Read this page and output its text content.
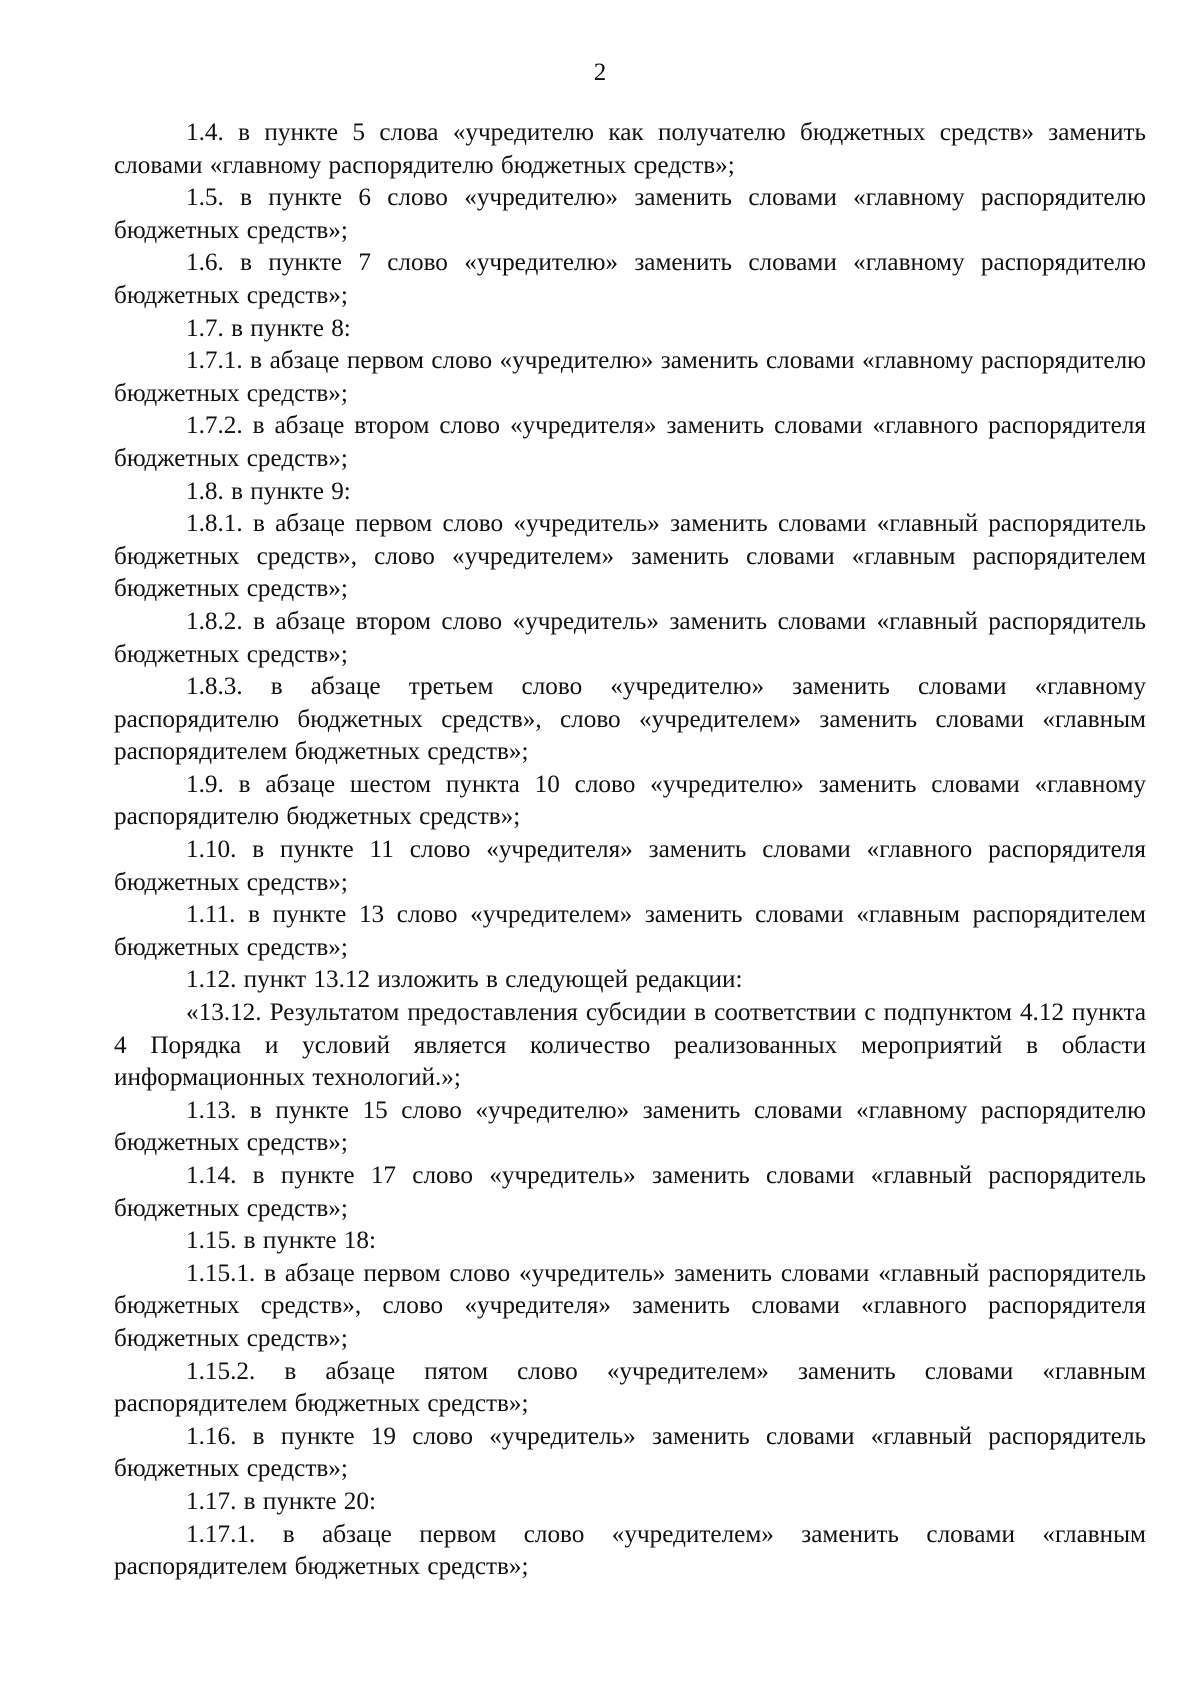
2

1.4. в пункте 5 слова «учредителю как получателю бюджетных средств» заменить словами «главному распорядителю бюджетных средств»;

1.5. в пункте 6 слово «учредителю» заменить словами «главному распорядителю бюджетных средств»;

1.6. в пункте 7 слово «учредителю» заменить словами «главному распорядителю бюджетных средств»;

1.7. в пункте 8:

1.7.1. в абзаце первом слово «учредителю» заменить словами «главному распорядителю бюджетных средств»;

1.7.2. в абзаце втором слово «учредителя» заменить словами «главного распорядителя бюджетных средств»;

1.8. в пункте 9:

1.8.1. в абзаце первом слово «учредитель» заменить словами «главный распорядитель бюджетных средств», слово «учредителем» заменить словами «главным распорядителем бюджетных средств»;

1.8.2. в абзаце втором слово «учредитель» заменить словами «главный распорядитель бюджетных средств»;

1.8.3. в абзаце третьем слово «учредителю» заменить словами «главному распорядителю бюджетных средств», слово «учредителем» заменить словами «главным распорядителем бюджетных средств»;

1.9. в абзаце шестом пункта 10 слово «учредителю» заменить словами «главному распорядителю бюджетных средств»;

1.10. в пункте 11 слово «учредителя» заменить словами «главного распорядителя бюджетных средств»;

1.11. в пункте 13 слово «учредителем» заменить словами «главным распорядителем бюджетных средств»;

1.12. пункт 13.12 изложить в следующей редакции:

«13.12. Результатом предоставления субсидии в соответствии с подпунктом 4.12 пункта 4 Порядка и условий является количество реализованных мероприятий в области информационных технологий.»;

1.13. в пункте 15 слово «учредителю» заменить словами «главному распорядителю бюджетных средств»;

1.14. в пункте 17 слово «учредитель» заменить словами «главный распорядитель бюджетных средств»;

1.15. в пункте 18:

1.15.1. в абзаце первом слово «учредитель» заменить словами «главный распорядитель бюджетных средств», слово «учредителя» заменить словами «главного распорядителя бюджетных средств»;

1.15.2. в абзаце пятом слово «учредителем» заменить словами «главным распорядителем бюджетных средств»;

1.16. в пункте 19 слово «учредитель» заменить словами «главный распорядитель бюджетных средств»;

1.17. в пункте 20:

1.17.1. в абзаце первом слово «учредителем» заменить словами «главным распорядителем бюджетных средств»;
